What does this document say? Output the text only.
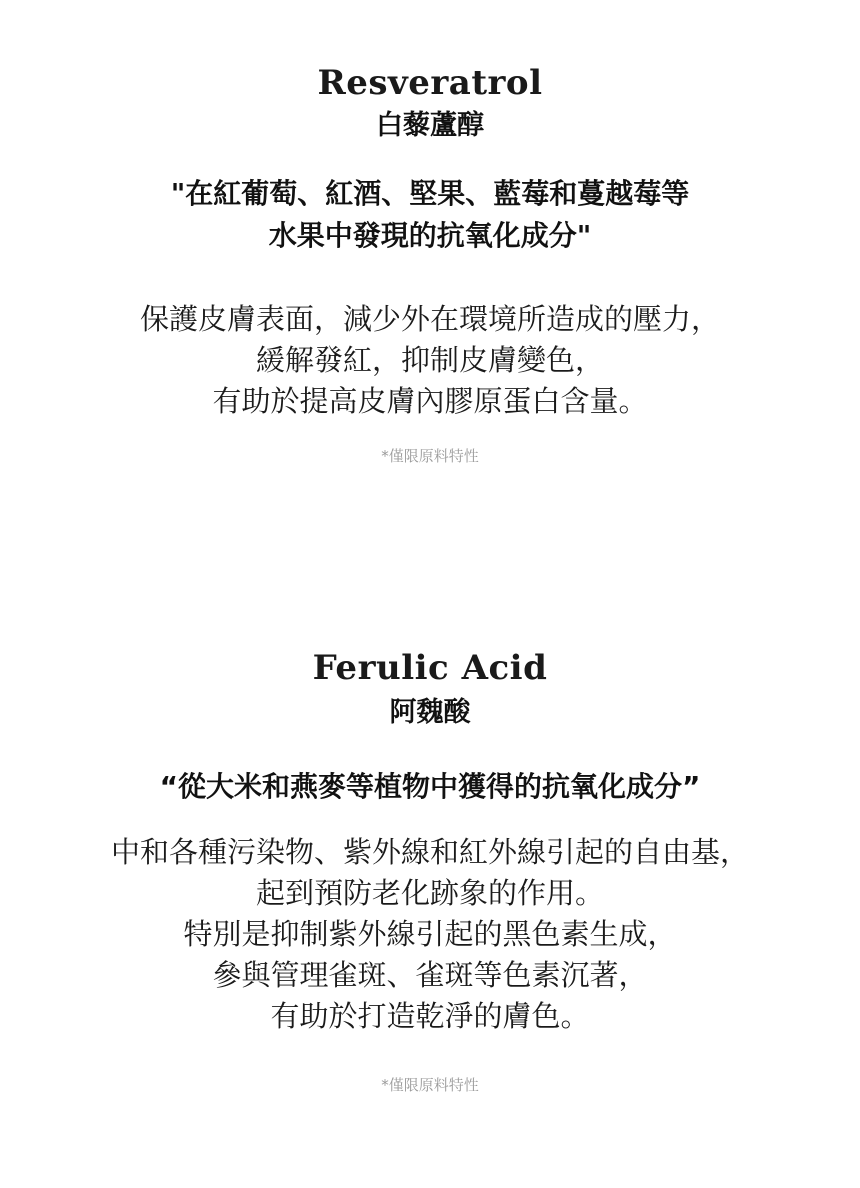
Resveratrol
白藜蘆醇

"在紅葡萄、紅酒、堅果、藍莓和蔓越莓等
水果中發現的抗氧化成分"

保護皮膚表面，減少外在環境所造成的壓力，
緩解發紅，抑制皮膚變色，
有助於提高皮膚內膠原蛋白含量。

*僅限原料特性

Ferulic Acid
阿魏酸

“從大米和燕麥等植物中獲得的抗氧化成分”

中和各種污染物、紫外線和紅外線引起的自由基，
起到預防老化跡象的作用。
特別是抑制紫外線引起的黑色素生成，
參與管理雀斑、雀斑等色素沉著，
有助於打造乾淨的膚色。

*僅限原料特性
